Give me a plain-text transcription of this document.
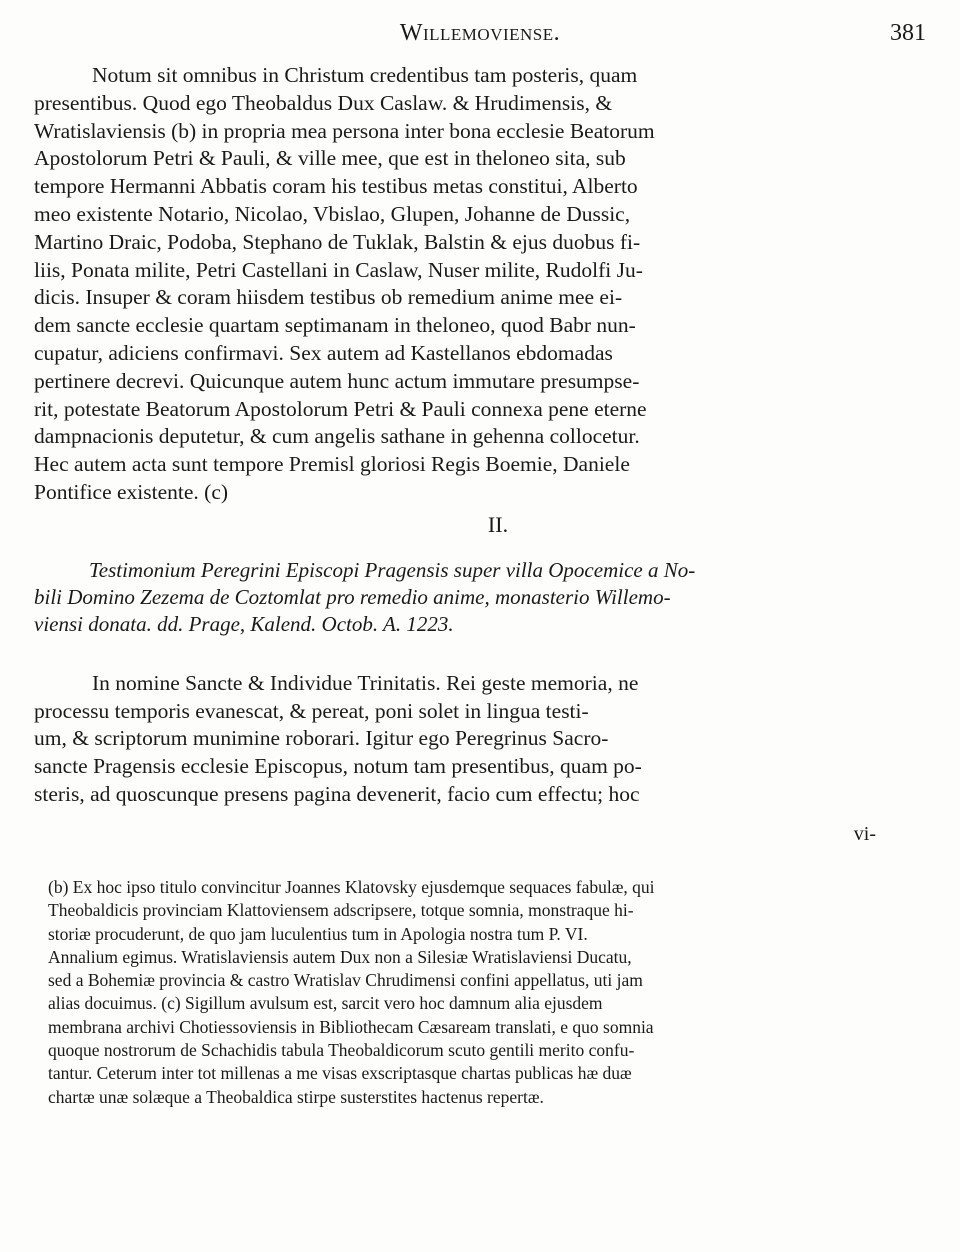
Willemoviense.	381
Notum sit omnibus in Christum credentibus tam posteris, quam
presentibus. Quod ego Theobaldus Dux Caslaw. & Hrudimensis, &
Wratislaviensis (b) in propria mea persona inter bona ecclesie Beatorum
Apostolorum Petri & Pauli, & ville mee, que est in theloneo sita, sub
tempore Hermanni Abbatis coram his testibus metas constitui, Alberto
meo existente Notario, Nicolao, Vbislao, Glupen, Johanne de Dussic,
Martino Draic, Podoba, Stephano de Tuklak, Balstin & ejus duobus fi-
liis, Ponata milite, Petri Castellani in Caslaw, Nuser milite, Rudolfi Ju-
dicis. Insuper & coram hiisdem testibus ob remedium anime mee ei-
dem sancte ecclesie quartam septimanam in theloneo, quod Babr nun-
cupatur, adiciens confirmavi. Sex autem ad Kastellanos ebdomadas
pertinere decrevi. Quicunque autem hunc actum immutare presumpse-
rit, potestate Beatorum Apostolorum Petri & Pauli connexa pene eterne
dampnacionis deputetur, & cum angelis sathane in gehenna collocetur.
Hec autem acta sunt tempore Premisl gloriosi Regis Boemie, Daniele
Pontifice existente. (c)
II.
Testimonium Peregrini Episcopi Pragensis super villa Opocemice a No-
bili Domino Zezema de Coztomlat pro remedio anime, monasterio Willemo-
viensi donata. dd. Prage, Kalend. Octob. A. 1223.
In nomine Sancte & Individue Trinitatis. Rei geste memoria, ne
processu temporis evanescat, & pereat, poni solet in lingua testi-
um, & scriptorum munimine roborari. Igitur ego Peregrinus Sacro-
sancte Pragensis ecclesie Episcopus, notum tam presentibus, quam po-
steris, ad quoscunque presens pagina devenerit, facio cum effectu; hoc
vi-
(b) Ex hoc ipso titulo convincitur Joannes Klatovsky ejusdemque sequaces fabulæ, qui
Theobaldicis provinciam Klattoviensem adscripsere, totque somnia, monstraque hi-
storiæ procuderunt, de quo jam luculentius tum in Apologia nostra tum P. VI.
Annalium egimus. Wratislaviensis autem Dux non a Silesiæ Wratislaviensi Ducatu,
sed a Bohemiæ provincia & castro Wratislav Chrudimensi confini appellatus, uti jam
alias docuimus. (c) Sigillum avulsum est, sarcit vero hoc damnum alia ejusdem
membrana archivi Chotiessoviensis in Bibliothecam Cæsaream translati, e quo somnia
quoque nostrorum de Schachidis tabula Theobaldicorum scuto gentili merito confu-
tantur. Ceterum inter tot millenas a me visas exscriptasque chartas publicas hæ duæ
chartæ unæ solæque a Theobaldica stirpe susterstites hactenus repertæ.
